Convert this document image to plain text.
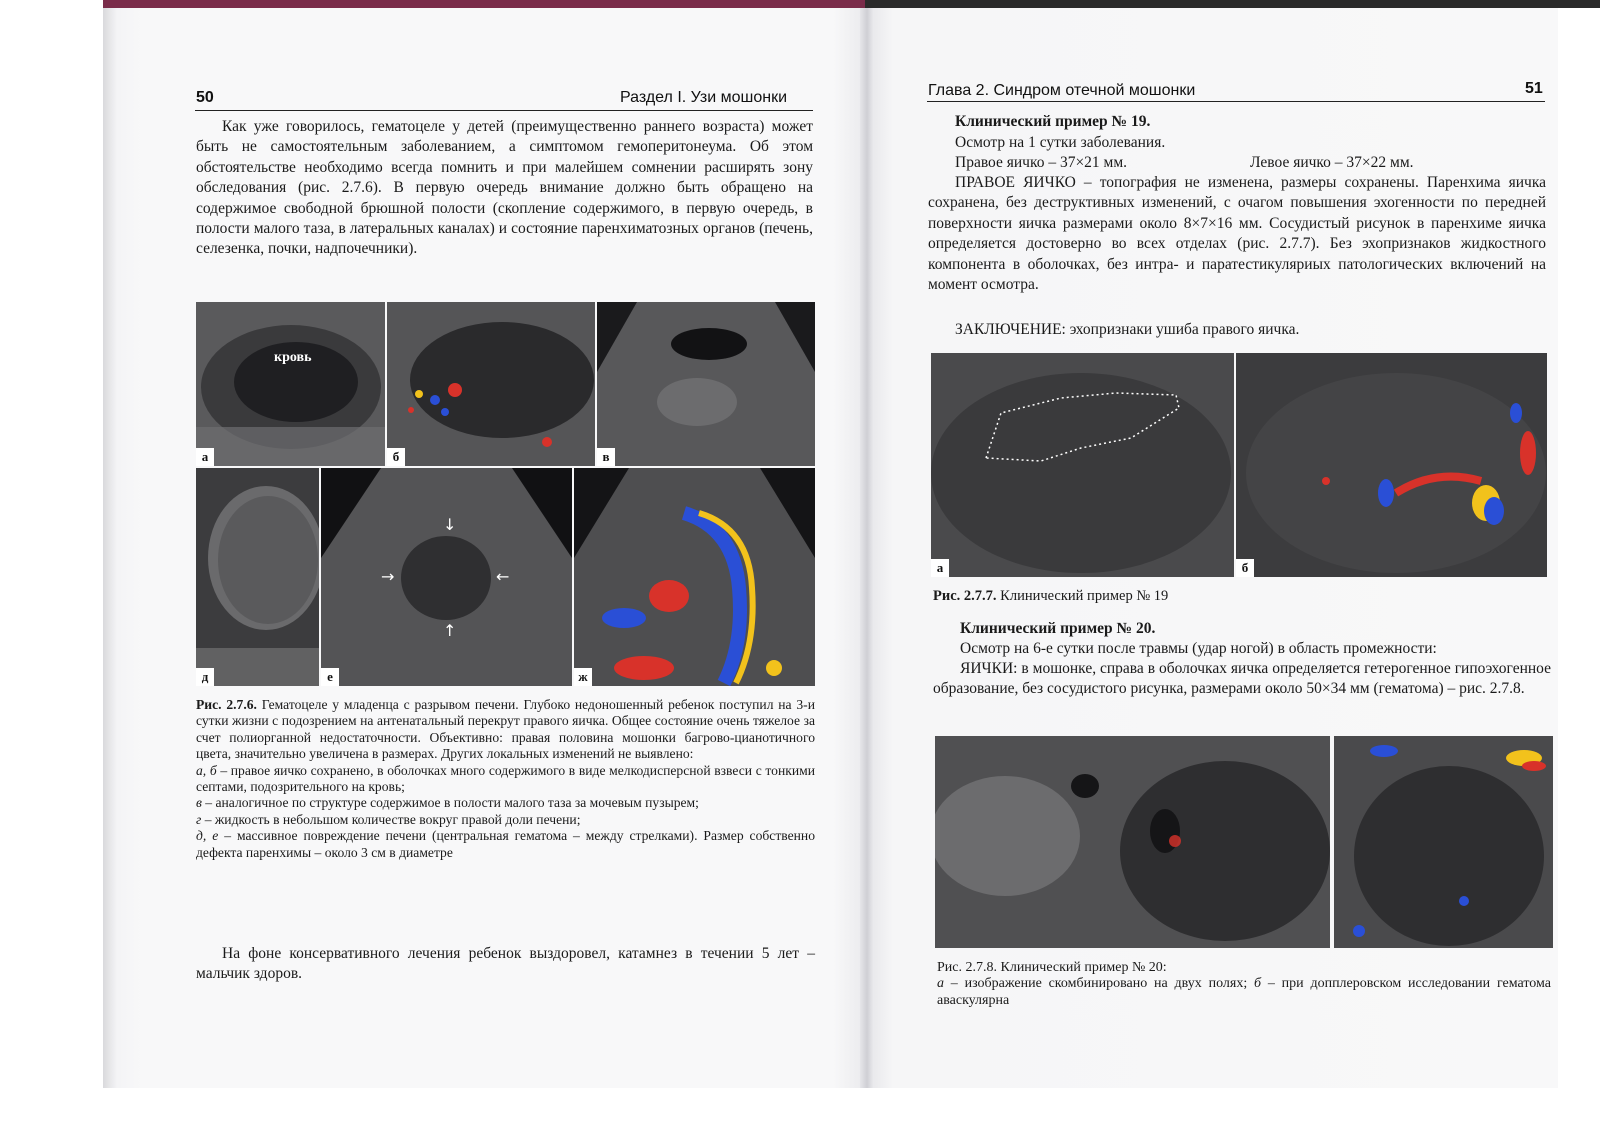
50	Раздел I. Узи мошонки
Как уже говорилось, гематоцеле у детей (преимущественно раннего возраста) может быть не самостоятельным заболеванием, а симптомом гемоперитонеума. Об этом обстоятельстве необходимо всегда помнить и при малейшем сомнении расширять зону обследования (рис. 2.7.6). В первую очередь внимание должно быть обращено на содержимое свободной брюшной полости (скопление содержимого, в первую очередь, в полости малого таза, в латеральных каналах) и состояние паренхиматозных органов (печень, селезенка, почки, надпочечники).
кровь
а	б	в
д
↓
↑
→	←
е	ж
Рис. 2.7.6. Гематоцеле у младенца с разрывом печени. Глубоко недоношенный ребенок поступил на 3-и сутки жизни с подозрением на антенатальный перекрут правого яичка. Общее состояние очень тяжелое за счет полиорганной недостаточности. Объективно: правая половина мошонки багрово-цианотичного цвета, значительно увеличена в размерах. Других локальных изменений не выявлено:
а, б – правое яичко сохранено, в оболочках много содержимого в виде мелкодисперсной взвеси с тонкими септами, подозрительного на кровь;
в – аналогичное по структуре содержимое в полости малого таза за мочевым пузырем;
г – жидкость в небольшом количестве вокруг правой доли печени;
д, е – массивное повреждение печени (центральная гематома – между стрелками). Размер собственно дефекта паренхимы – около 3 см в диаметре
На фоне консервативного лечения ребенок выздоровел, катамнез в течении 5 лет – мальчик здоров.
Глава 2. Синдром отечной мошонки	51
Клинический пример № 19.
Осмотр на 1 сутки заболевания.
Правое яичко – 37×21 мм.	Левое яичко – 37×22 мм.
ПРАВОЕ ЯИЧКО – топография не изменена, размеры сохранены. Паренхима яичка сохранена, без деструктивных изменений, с очагом повышения эхогенности по передней поверхности яичка размерами около 8×7×16 мм. Сосудистый рисунок в паренхиме яичка определяется достоверно во всех отделах (рис. 2.7.7). Без эхопризнаков жидкостного компонента в оболочках, без интра- и паратестикуляриых патологических включений на момент осмотра.
ЗАКЛЮЧЕНИЕ: эхопризнаки ушиба правого яичка.
а	б
Рис. 2.7.7. Клинический пример № 19
Клинический пример № 20.
Осмотр на 6-е сутки после травмы (удар ногой) в область промежности:
ЯИЧКИ: в мошонке, справа в оболочках яичка определяется гетерогенное гипоэхогенное образование, без сосудистого рисунка, размерами около 50×34 мм (гематома) – рис. 2.7.8.
Рис. 2.7.8. Клинический пример № 20:
а – изображение скомбинировано на двух полях; б – при допплеровском исследовании гематома аваскулярна
